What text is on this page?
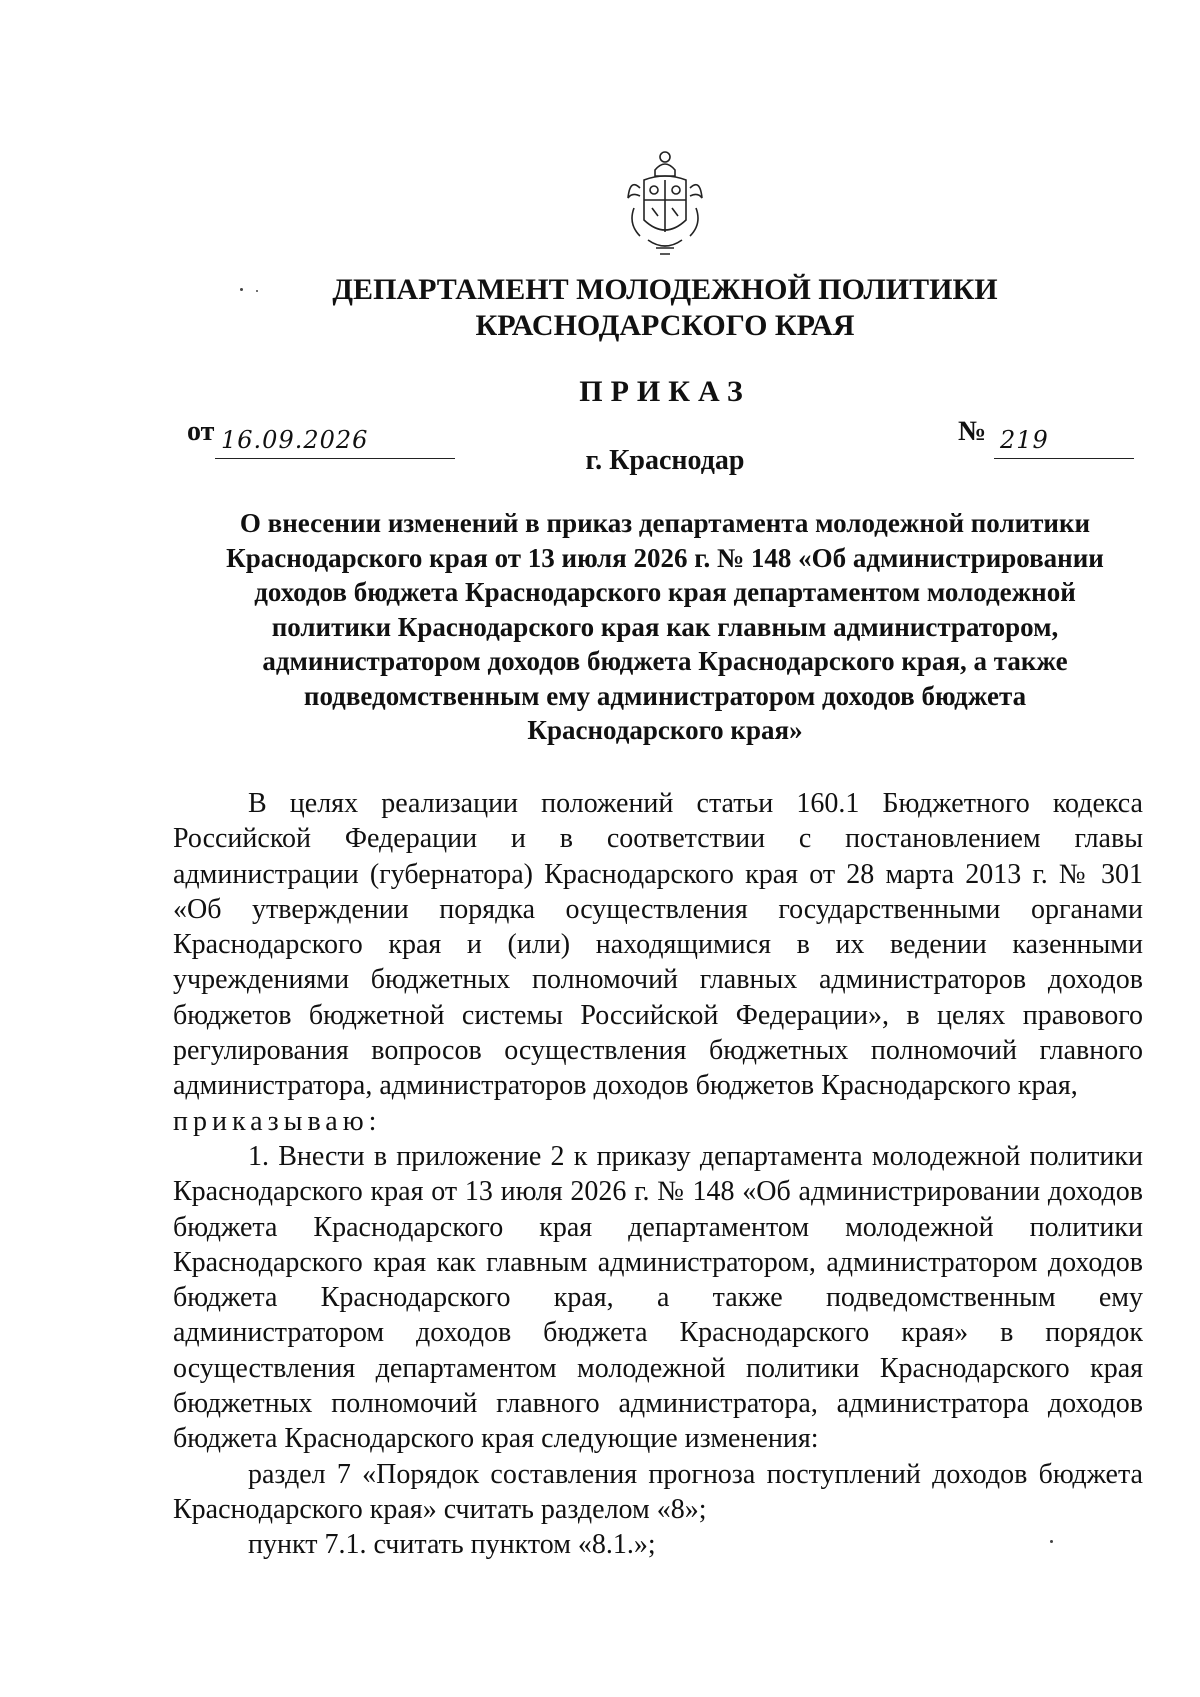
ДЕПАРТАМЕНТ МОЛОДЕЖНОЙ ПОЛИТИКИ
КРАСНОДАРСКОГО КРАЯ
ПРИКАЗ
от 16.09.2026	№ 219
г. Краснодар
О внесении изменений в приказ департамента молодежной политики
Краснодарского края от 13 июля 2026 г. № 148 «Об администрировании
доходов бюджета Краснодарского края департаментом молодежной
политики Краснодарского края как главным администратором,
администратором доходов бюджета Краснодарского края, а также
подведомственным ему администратором доходов бюджета
Краснодарского края»

В целях реализации положений статьи 160.1 Бюджетного кодекса Российской Федерации и в соответствии с постановлением главы администрации (губернатора) Краснодарского края от 28 марта 2013 г. № 301 «Об утверждении порядка осуществления государственными органами Краснодарского края и (или) находящимися в их ведении казенными учреждениями бюджетных полномочий главных администраторов доходов бюджетов бюджетной системы Российской Федерации», в целях правового регулирования вопросов осуществления бюджетных полномочий главного администратора, администраторов доходов бюджетов Краснодарского края,

приказываю:

1. Внести в приложение 2 к приказу департамента молодежной политики Краснодарского края от 13 июля 2026 г. № 148 «Об администрировании доходов бюджета Краснодарского края департаментом молодежной политики Краснодарского края как главным администратором, администратором доходов бюджета Краснодарского края, а также подведомственным ему администратором доходов бюджета Краснодарского края» в порядок осуществления департаментом молодежной политики Краснодарского края бюджетных полномочий главного администратора, администратора доходов бюджета Краснодарского края следующие изменения:

раздел 7 «Порядок составления прогноза поступлений доходов бюджета Краснодарского края» считать разделом «8»;

пункт 7.1. считать пунктом «8.1.»;
